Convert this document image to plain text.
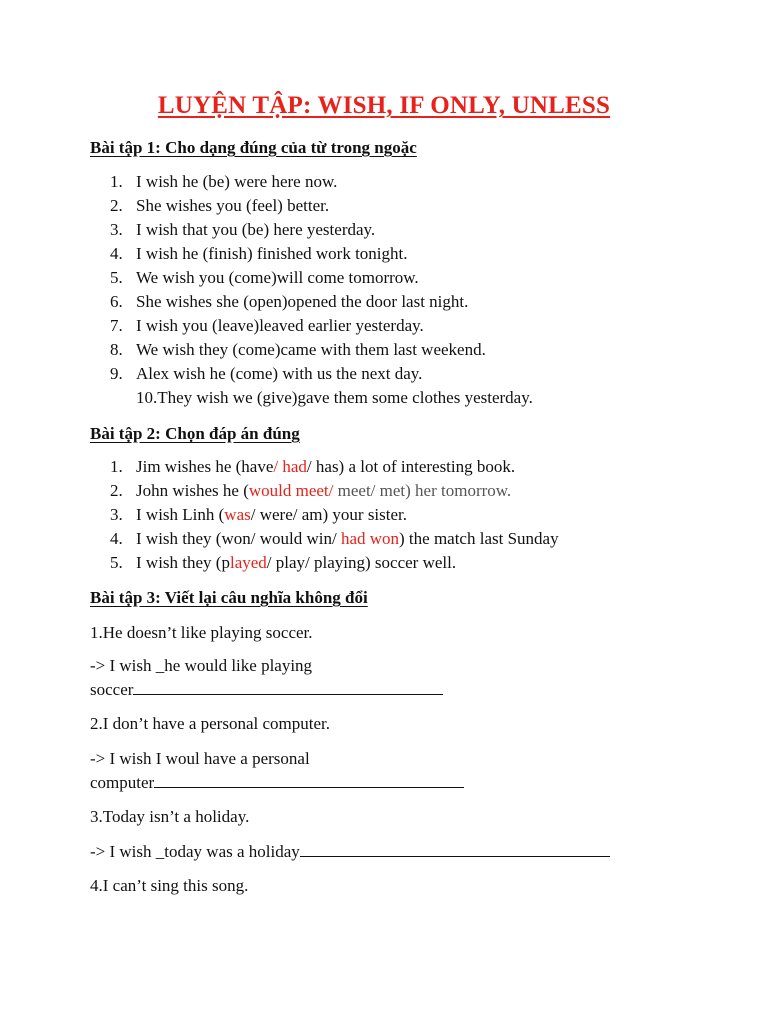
LUYỆN TẬP: WISH, IF ONLY, UNLESS
Bài tập 1: Cho dạng đúng của từ trong ngoặc
1. I wish he (be) were here now.
2. She wishes you (feel) better.
3. I wish that you (be) here yesterday.
4. I wish he (finish) finished work tonight.
5. We wish you (come)will come tomorrow.
6. She wishes she (open)opened the door last night.
7. I wish you (leave)leaved earlier yesterday.
8. We wish they (come)came with them last weekend.
9. Alex wish he (come) with us the next day.
10.They wish we (give)gave them some clothes yesterday.
Bài tập 2: Chọn đáp án đúng
1. Jim wishes he (have/ had/ has) a lot of interesting book.
2. John wishes he (would meet/ meet/ met) her tomorrow.
3. I wish Linh (was/ were/ am) your sister.
4. I wish they (won/ would win/ had won) the match last Sunday
5. I wish they (played/ play/ playing) soccer well.
Bài tập 3: Viết lại câu nghĩa không đổi

1.He doesn’t like playing soccer.

-> I wish _he would like playing

soccer

2.I don’t have a personal computer.

-> I wish I woul have a personal

computer

3.Today isn’t a holiday.

-> I wish _today was a holiday

4.I can’t sing this song.
